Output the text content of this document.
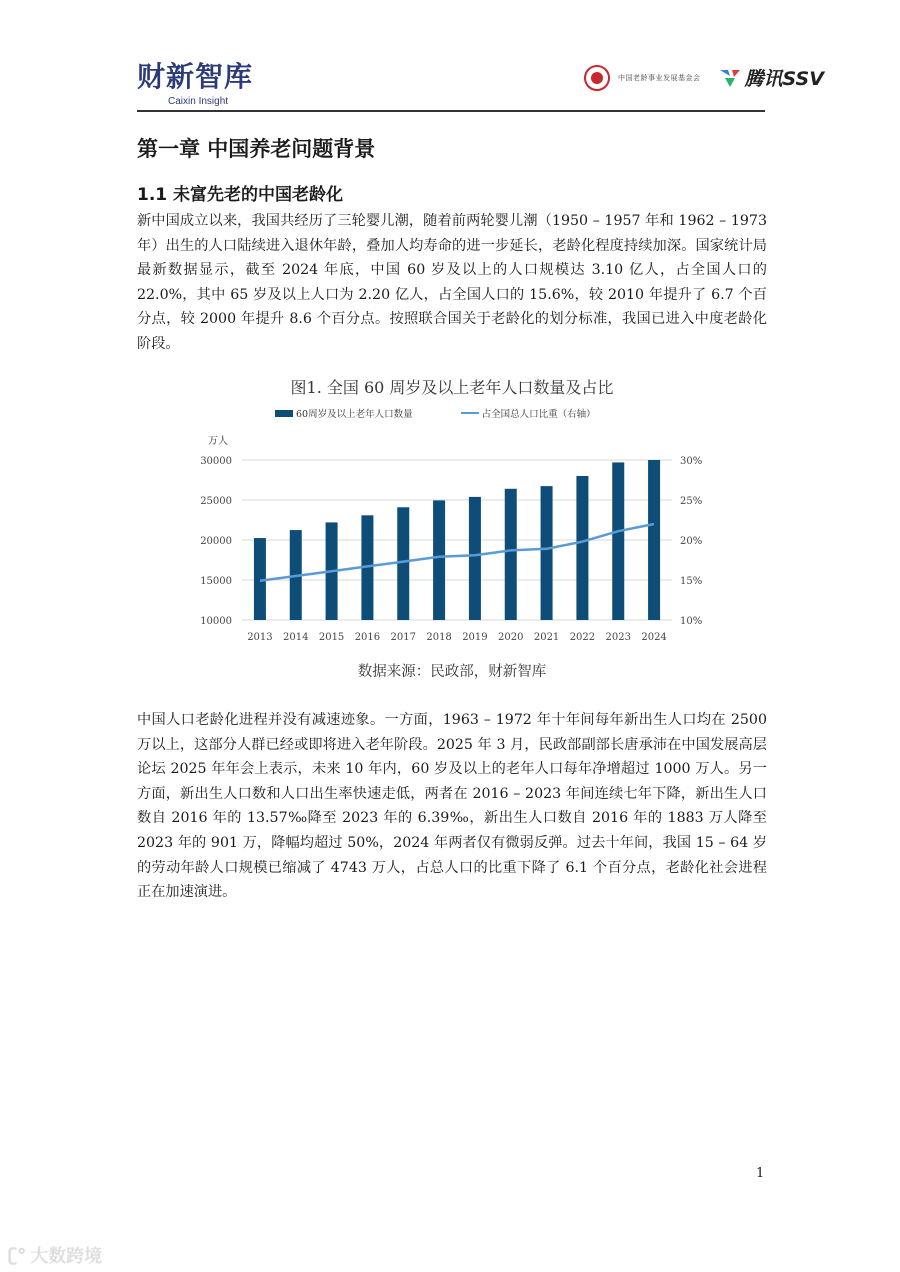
财新智库
Caixin Insight
中国老龄事业发展基金会 腾讯SSV
第一章 中国养老问题背景
1.1 未富先老的中国老龄化
新中国成立以来，我国共经历了三轮婴儿潮，随着前两轮婴儿潮（1950 – 1957 年和 1962 – 1973 年）出生的人口陆续进入退休年龄，叠加人均寿命的进一步延长，老龄化程度持续加深。国家统计局最新数据显示，截至 2024 年底，中国 60 岁及以上的人口规模达 3.10 亿人，占全国人口的 22.0%，其中 65 岁及以上人口为 2.20 亿人，占全国人口的 15.6%，较 2010 年提升了 6.7 个百分点，较 2000 年提升 8.6 个百分点。按照联合国关于老龄化的划分标准，我国已进入中度老龄化阶段。
图1. 全国 60 周岁及以上老年人口数量及占比
60周岁及以上老年人口数量	占全国总人口比重（右轴）
万人
10000	10%
15000	15%
20000	20%
25000	25%
30000	30%
2013 2014 2015 2016 2017 2018 2019 2020 2021 2022 2023 2024
数据来源：民政部，财新智库
中国人口老龄化进程并没有减速迹象。一方面，1963 – 1972 年十年间每年新出生人口均在 2500 万以上，这部分人群已经或即将进入老年阶段。2025 年 3 月，民政部副部长唐承沛在中国发展高层论坛 2025 年年会上表示，未来 10 年内，60 岁及以上的老年人口每年净增超过 1000 万人。另一方面，新出生人口数和人口出生率快速走低，两者在 2016 – 2023 年间连续七年下降，新出生人口数自 2016 年的 13.57‰降至 2023 年的 6.39‰，新出生人口数自 2016 年的 1883 万人降至 2023 年的 901 万，降幅均超过 50%，2024 年两者仅有微弱反弹。过去十年间，我国 15 – 64 岁的劳动年龄人口规模已缩减了 4743 万人，占总人口的比重下降了 6.1 个百分点，老龄化社会进程正在加速演进。
1
ʗ° 大数跨境
